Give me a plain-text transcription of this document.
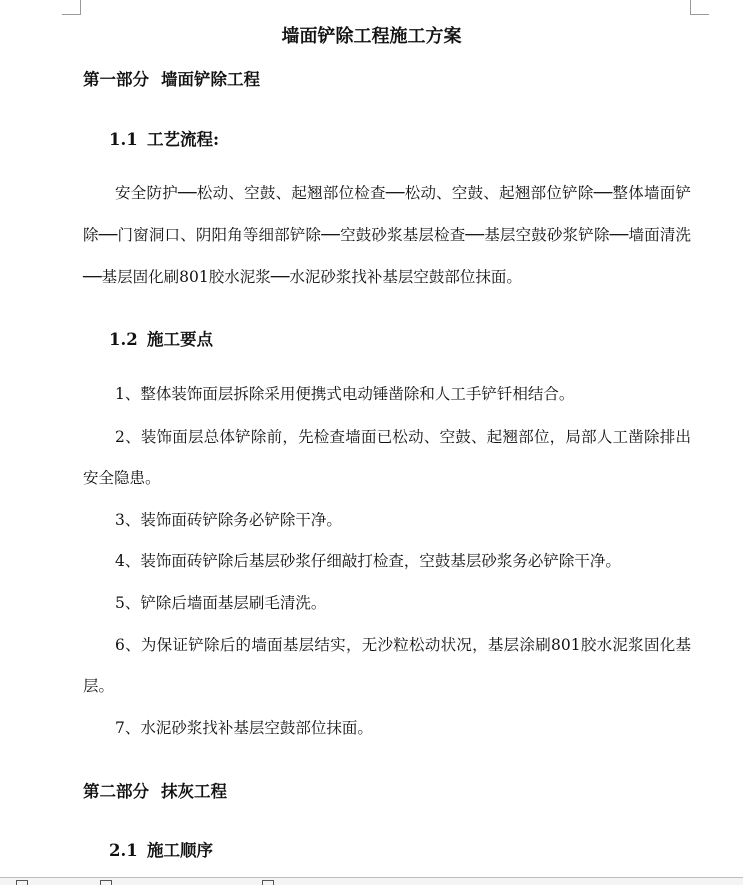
墙面铲除工程施工方案
第一部分 墙面铲除工程
1.1 工艺流程:
安全防护──松动、空鼓、起翘部位检查──松动、空鼓、起翘部位铲除──整体墙面铲除──门窗洞口、阴阳角等细部铲除──空鼓砂浆基层检查──基层空鼓砂浆铲除──墙面清洗──基层固化刷801胶水泥浆──水泥砂浆找补基层空鼓部位抹面。
1.2 施工要点
1、整体装饰面层拆除采用便携式电动锤凿除和人工手铲钎相结合。
2、装饰面层总体铲除前，先检查墙面已松动、空鼓、起翘部位，局部人工凿除排出安全隐患。
3、装饰面砖铲除务必铲除干净。
4、装饰面砖铲除后基层砂浆仔细敲打检查，空鼓基层砂浆务必铲除干净。
5、铲除后墙面基层刷毛清洗。
6、为保证铲除后的墙面基层结实，无沙粒松动状况，基层涂刷801胶水泥浆固化基层。
7、水泥砂浆找补基层空鼓部位抹面。
第二部分 抹灰工程
2.1 施工顺序
